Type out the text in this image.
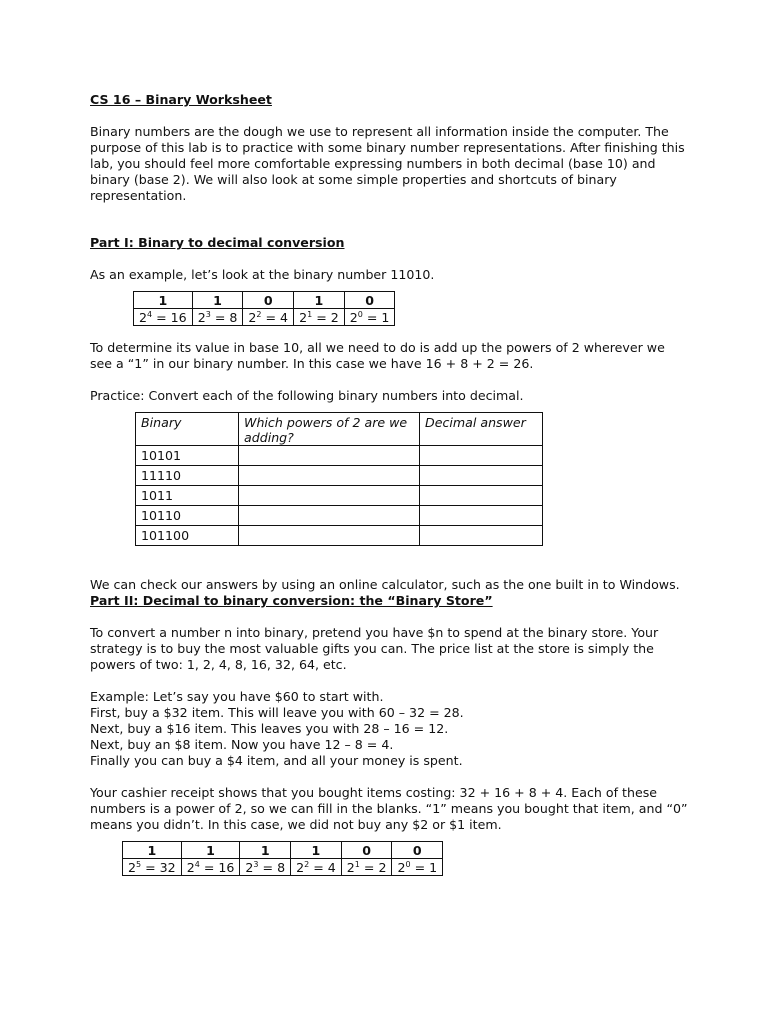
CS 16 – Binary Worksheet

Binary numbers are the dough we use to represent all information inside the computer. The purpose of this lab is to practice with some binary number representations. After finishing this lab, you should feel more comfortable expressing numbers in both decimal (base 10) and binary (base 2). We will also look at some simple properties and shortcuts of binary representation.

Part I: Binary to decimal conversion

As an example, let’s look at the binary number 11010.

1	1	0	1	0
$2^4 = 16$	$2^3 = 8$	$2^2 = 4$	$2^1 = 2$	$2^0 = 1$

To determine its value in base 10, all we need to do is add up the powers of 2 wherever we see a “1” in our binary number. In this case we have 16 + 8 + 2 = 26.

Practice: Convert each of the following binary numbers into decimal.

Binary	Which powers of 2 are we adding?	Decimal answer
10101		
11110		
1011		
10110		
101100		

We can check our answers by using an online calculator, such as the one built in to Windows.

Part II: Decimal to binary conversion: the “Binary Store”

To convert a number n into binary, pretend you have $n to spend at the binary store. Your strategy is to buy the most valuable gifts you can. The price list at the store is simply the powers of two: 1, 2, 4, 8, 16, 32, 64, etc.

Example: Let’s say you have $60 to start with.

First, buy a $32 item. This will leave you with 60 – 32 = 28.

Next, buy a $16 item. This leaves you with 28 – 16 = 12.

Next, buy an $8 item. Now you have 12 – 8 = 4.

Finally you can buy a $4 item, and all your money is spent.

Your cashier receipt shows that you bought items costing: 32 + 16 + 8 + 4. Each of these numbers is a power of 2, so we can fill in the blanks. “1” means you bought that item, and “0” means you didn’t. In this case, we did not buy any $2 or $1 item.

1	1	1	1	0	0
$2^5 = 32$	$2^4 = 16$	$2^3 = 8$	$2^2 = 4$	$2^1 = 2$	$2^0 = 1$
